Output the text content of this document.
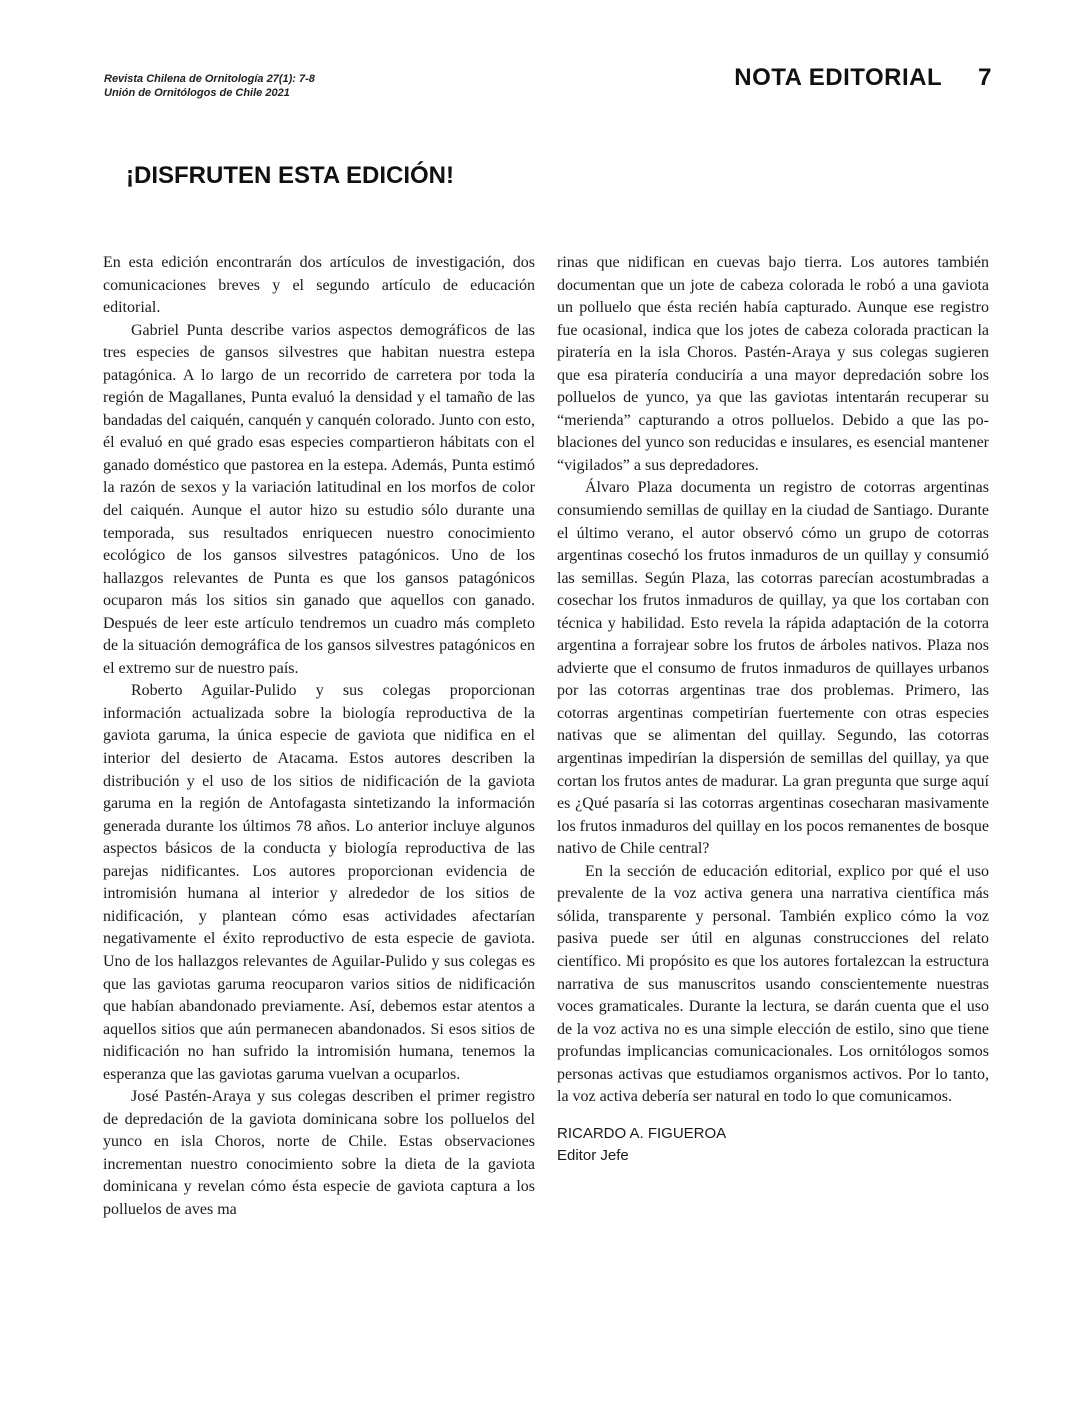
Revista Chilena de Ornitología 27(1): 7-8
Unión de Ornitólogos de Chile 2021
NOTA EDITORIAL 7
¡DISFRUTEN ESTA EDICIÓN!

En esta edición encontrarán dos artículos de investigación, dos comunicaciones breves y el segundo artículo de educación editorial.

Gabriel Punta describe varios aspectos demográficos de las tres especies de gansos silvestres que habitan nuestra estepa patagónica. A lo largo de un recorrido de carretera por toda la región de Magallanes, Punta evaluó la densidad y el tamaño de las bandadas del caiquén, canquén y canquén colorado. Junto con esto, él evaluó en qué grado esas especies compartieron hábitats con el ganado doméstico que pastorea en la estepa. Además, Punta estimó la razón de sexos y la variación latitudinal en los morfos de color del caiquén. Aunque el autor hizo su estudio sólo durante una temporada, sus resultados enriquecen nuestro conocimiento ecológico de los gansos silvestres patagónicos. Uno de los hallazgos relevantes de Punta es que los gansos patagónicos ocuparon más los sitios sin ganado que aquellos con ganado. Después de leer este artículo tendremos un cuadro más completo de la situación demográfica de los gansos silvestres patagónicos en el extremo sur de nuestro país.

Roberto Aguilar-Pulido y sus colegas proporcionan información actualizada sobre la biología reproductiva de la gaviota garuma, la única especie de gaviota que nidifica en el interior del desierto de Atacama. Estos autores describen la distribución y el uso de los sitios de nidificación de la gaviota garuma en la región de Antofagasta sintetizando la información generada durante los últimos 78 años. Lo anterior incluye algunos aspectos básicos de la conducta y biología reproductiva de las parejas nidificantes. Los autores proporcionan evidencia de intromisión humana al interior y alrededor de los sitios de nidificación, y plantean cómo esas actividades afectarían negativamente el éxito reproductivo de esta especie de gaviota. Uno de los hallazgos relevantes de Aguilar-Pulido y sus colegas es que las gaviotas garuma reocuparon varios sitios de nidificación que habían abandonado previamente. Así, debemos estar atentos a aquellos sitios que aún permanecen abandonados. Si esos sitios de nidificación no han sufrido la intromisión humana, tenemos la esperanza que las gaviotas garuma vuelvan a ocuparlos.

José Pastén-Araya y sus colegas describen el primer registro de depredación de la gaviota dominicana sobre los polluelos del yunco en isla Choros, norte de Chile. Estas observaciones incrementan nuestro conocimiento sobre la dieta de la gaviota dominicana y revelan cómo ésta especie de gaviota captura a los polluelos de aves ma

rinas que nidifican en cuevas bajo tierra. Los autores también documentan que un jote de cabeza colorada le robó a una gaviota un polluelo que ésta recién había capturado. Aunque ese registro fue ocasional, indica que los jotes de cabeza colorada practican la piratería en la isla Choros. Pastén-Araya y sus colegas sugieren que esa piratería conduciría a una mayor depredación sobre los polluelos de yunco, ya que las gaviotas intentarán recuperar su “merienda” capturando a otros polluelos. Debido a que las poblaciones del yunco son reducidas e insulares, es esencial mantener “vigilados” a sus depredadores.

Álvaro Plaza documenta un registro de cotorras argentinas consumiendo semillas de quillay en la ciudad de Santiago. Durante el último verano, el autor observó cómo un grupo de cotorras argentinas cosechó los frutos inmaduros de un quillay y consumió las semillas. Según Plaza, las cotorras parecían acostumbradas a cosechar los frutos inmaduros de quillay, ya que los cortaban con técnica y habilidad. Esto revela la rápida adaptación de la cotorra argentina a forrajear sobre los frutos de árboles nativos. Plaza nos advierte que el consumo de frutos inmaduros de quillayes urbanos por las cotorras argentinas trae dos problemas. Primero, las cotorras argentinas competirían fuertemente con otras especies nativas que se alimentan del quillay. Segundo, las cotorras argentinas impedirían la dispersión de semillas del quillay, ya que cortan los frutos antes de madurar. La gran pregunta que surge aquí es ¿Qué pasaría si las cotorras argentinas cosecharan masivamente los frutos inmaduros del quillay en los pocos remanentes de bosque nativo de Chile central?

En la sección de educación editorial, explico por qué el uso prevalente de la voz activa genera una narrativa científica más sólida, transparente y personal. También explico cómo la voz pasiva puede ser útil en algunas construcciones del relato científico. Mi propósito es que los autores fortalezcan la estructura narrativa de sus manuscritos usando conscientemente nuestras voces gramaticales. Durante la lectura, se darán cuenta que el uso de la voz activa no es una simple elección de estilo, sino que tiene profundas implicancias comunicacionales. Los ornitólogos somos personas activas que estudiamos organismos activos. Por lo tanto, la voz activa debería ser natural en todo lo que comunicamos.

RICARDO A. FIGUEROA
Editor Jefe
